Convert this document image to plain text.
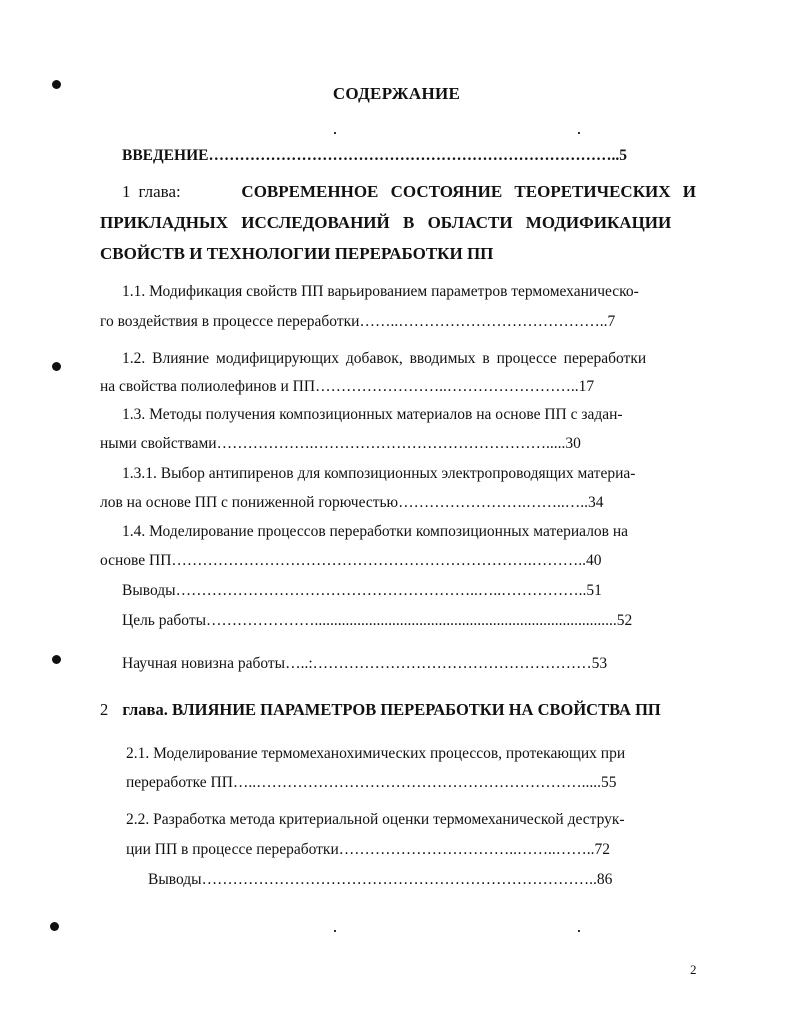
СОДЕРЖАНИЕ
ВВЕДЕНИЕ……………………………………………………………………..5
1 глава:	СОВРЕМЕННОЕ СОСТОЯНИЕ ТЕОРЕТИЧЕСКИХ И
ПРИКЛАДНЫХ ИССЛЕДОВАНИЙ В ОБЛАСТИ МОДИФИКАЦИИ
СВОЙСТВ И ТЕХНОЛОГИИ ПЕРЕРАБОТКИ ПП
1.1. Модификация свойств ПП варьированием параметров термомеханическо-
го воздействия в процессе переработки……..…………………………………..7
1.2. Влияние модифицирующих добавок, вводимых в процессе переработки
на свойства полиолефинов и ПП……………………..……………………..17
1.3. Методы получения композиционных материалов на основе ПП с задан-
ными свойствами……………….……………………………………….....30
1.3.1. Выбор антипиренов для композиционных электропроводящих материа-
лов на основе ПП с пониженной горючестью…………………….……..…..34
1.4. Моделирование процессов переработки композиционных материалов на
основе ПП…………………………………………………………….………..40
Выводы…………………………………………………..…..……………..51
Цель работы…………………..............................................................................52
Научная новизна работы…..:………………………………………………53
2 глава. ВЛИЯНИЕ ПАРАМЕТРОВ ПЕРЕРАБОТКИ НА СВОЙСТВА ПП
2.1. Моделирование термомеханохимических процессов, протекающих при
переработке ПП…..……………………………………………………….....55
2.2. Разработка метода критериальной оценки термомеханической деструк-
ции ПП в процессе переработки……………………………..……..……..72
Выводы…………………………………………………………………..86
2
